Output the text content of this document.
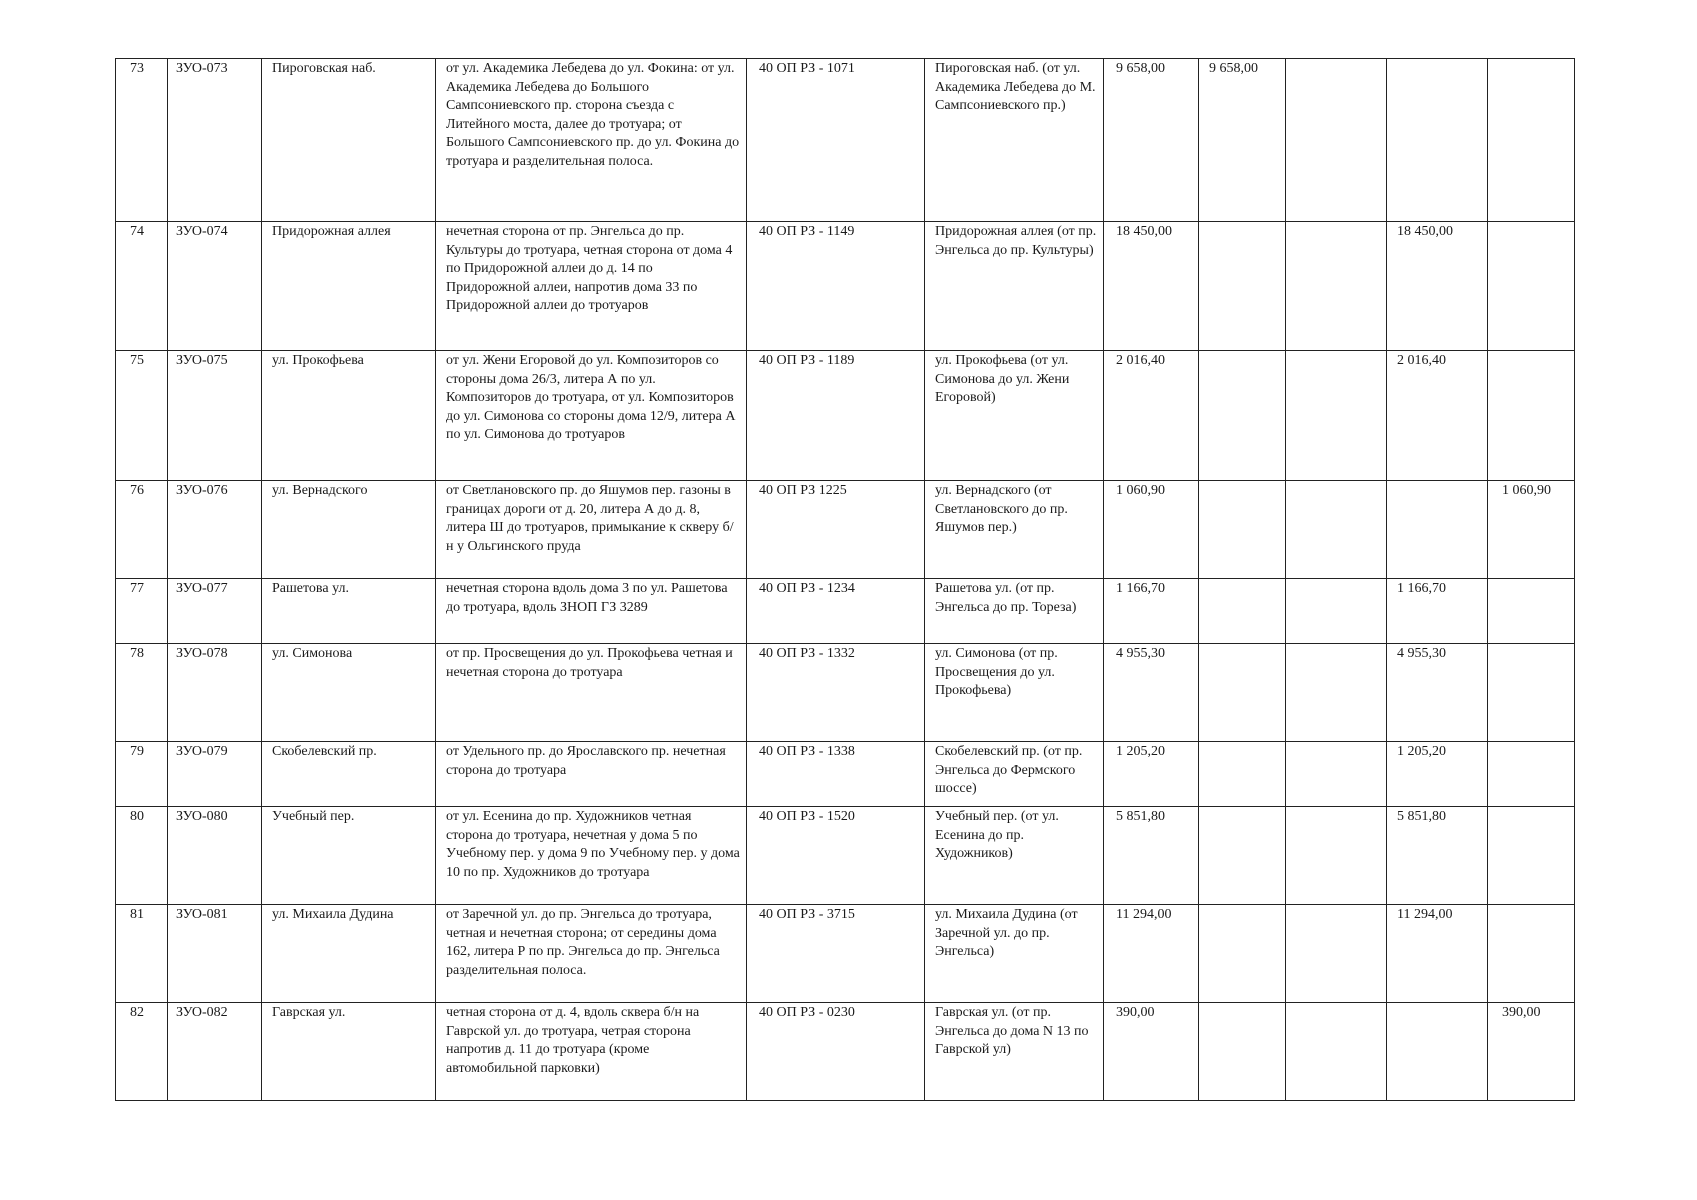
73	ЗУО-073	Пироговская наб.	от ул. Академика Лебедева до ул. Фокина: от ул. Академика Лебедева до Большого Сампсониевского пр. сторона съезда с Литейного моста, далее до тротуара; от Большого Сампсониевского пр. до ул. Фокина до тротуара и разделительная полоса.	40 ОП РЗ - 1071	Пироговская наб. (от ул. Академика Лебедева до М. Сампсониевского пр.)	9 658,00	9 658,00			
74	ЗУО-074	Придорожная аллея	нечетная сторона от пр. Энгельса до пр. Культуры до тротуара, четная сторона от дома 4 по Придорожной аллеи до д. 14 по Придорожной аллеи, напротив дома 33 по Придорожной аллеи до тротуаров	40 ОП РЗ - 1149	Придорожная аллея (от пр. Энгельса до пр. Культуры)	18 450,00			18 450,00	
75	ЗУО-075	ул. Прокофьева	от ул. Жени Егоровой до ул. Композиторов со стороны дома 26/3, литера А по ул. Композиторов до тротуара, от ул. Композиторов до ул. Симонова со стороны дома 12/9, литера А по ул. Симонова до тротуаров	40 ОП РЗ - 1189	ул. Прокофьева (от ул. Симонова до ул. Жени Егоровой)	2 016,40			2 016,40	
76	ЗУО-076	ул. Вернадского	от Светлановского пр. до Яшумов пер. газоны в границах дороги от д. 20, литера А до д. 8, литера Ш до тротуаров, примыкание к скверу б/н у Ольгинского пруда	40 ОП РЗ 1225	ул. Вернадского (от Светлановского до пр. Яшумов пер.)	1 060,90				1 060,90
77	ЗУО-077	Рашетова ул.	нечетная сторона вдоль дома 3 по ул. Рашетова до тротуара, вдоль ЗНОП ГЗ 3289	40 ОП РЗ - 1234	Рашетова ул. (от пр. Энгельса до пр. Тореза)	1 166,70			1 166,70	
78	ЗУО-078	ул. Симонова	от пр. Просвещения до ул. Прокофьева четная и нечетная сторона до тротуара	40 ОП РЗ - 1332	ул. Симонова (от пр. Просвещения до ул. Прокофьева)	4 955,30			4 955,30	
79	ЗУО-079	Скобелевский пр.	от Удельного пр. до Ярославского пр. нечетная сторона до тротуара	40 ОП РЗ - 1338	Скобелевский пр. (от пр. Энгельса до Фермского шоссе)	1 205,20			1 205,20	
80	ЗУО-080	Учебный пер.	от ул. Есенина до пр. Художников четная сторона до тротуара, нечетная у дома 5 по Учебному пер. у дома 9 по Учебному пер. у дома 10 по пр. Художников до тротуара	40 ОП РЗ - 1520	Учебный пер. (от ул. Есенина до пр. Художников)	5 851,80			5 851,80	
81	ЗУО-081	ул. Михаила Дудина	от Заречной ул. до пр. Энгельса до тротуара, четная и нечетная сторона; от середины дома 162, литера Р по пр. Энгельса до пр. Энгельса разделительная полоса.	40 ОП РЗ - 3715	ул. Михаила Дудина (от Заречной ул. до пр. Энгельса)	11 294,00			11 294,00	
82	ЗУО-082	Гаврская ул.	четная сторона от д. 4, вдоль сквера б/н на Гаврской ул. до тротуара, четрая сторона напротив д. 11 до тротуара (кроме автомобильной парковки)	40 ОП РЗ - 0230	Гаврская ул. (от пр. Энгельса до дома N 13 по Гаврской ул)	390,00				390,00
